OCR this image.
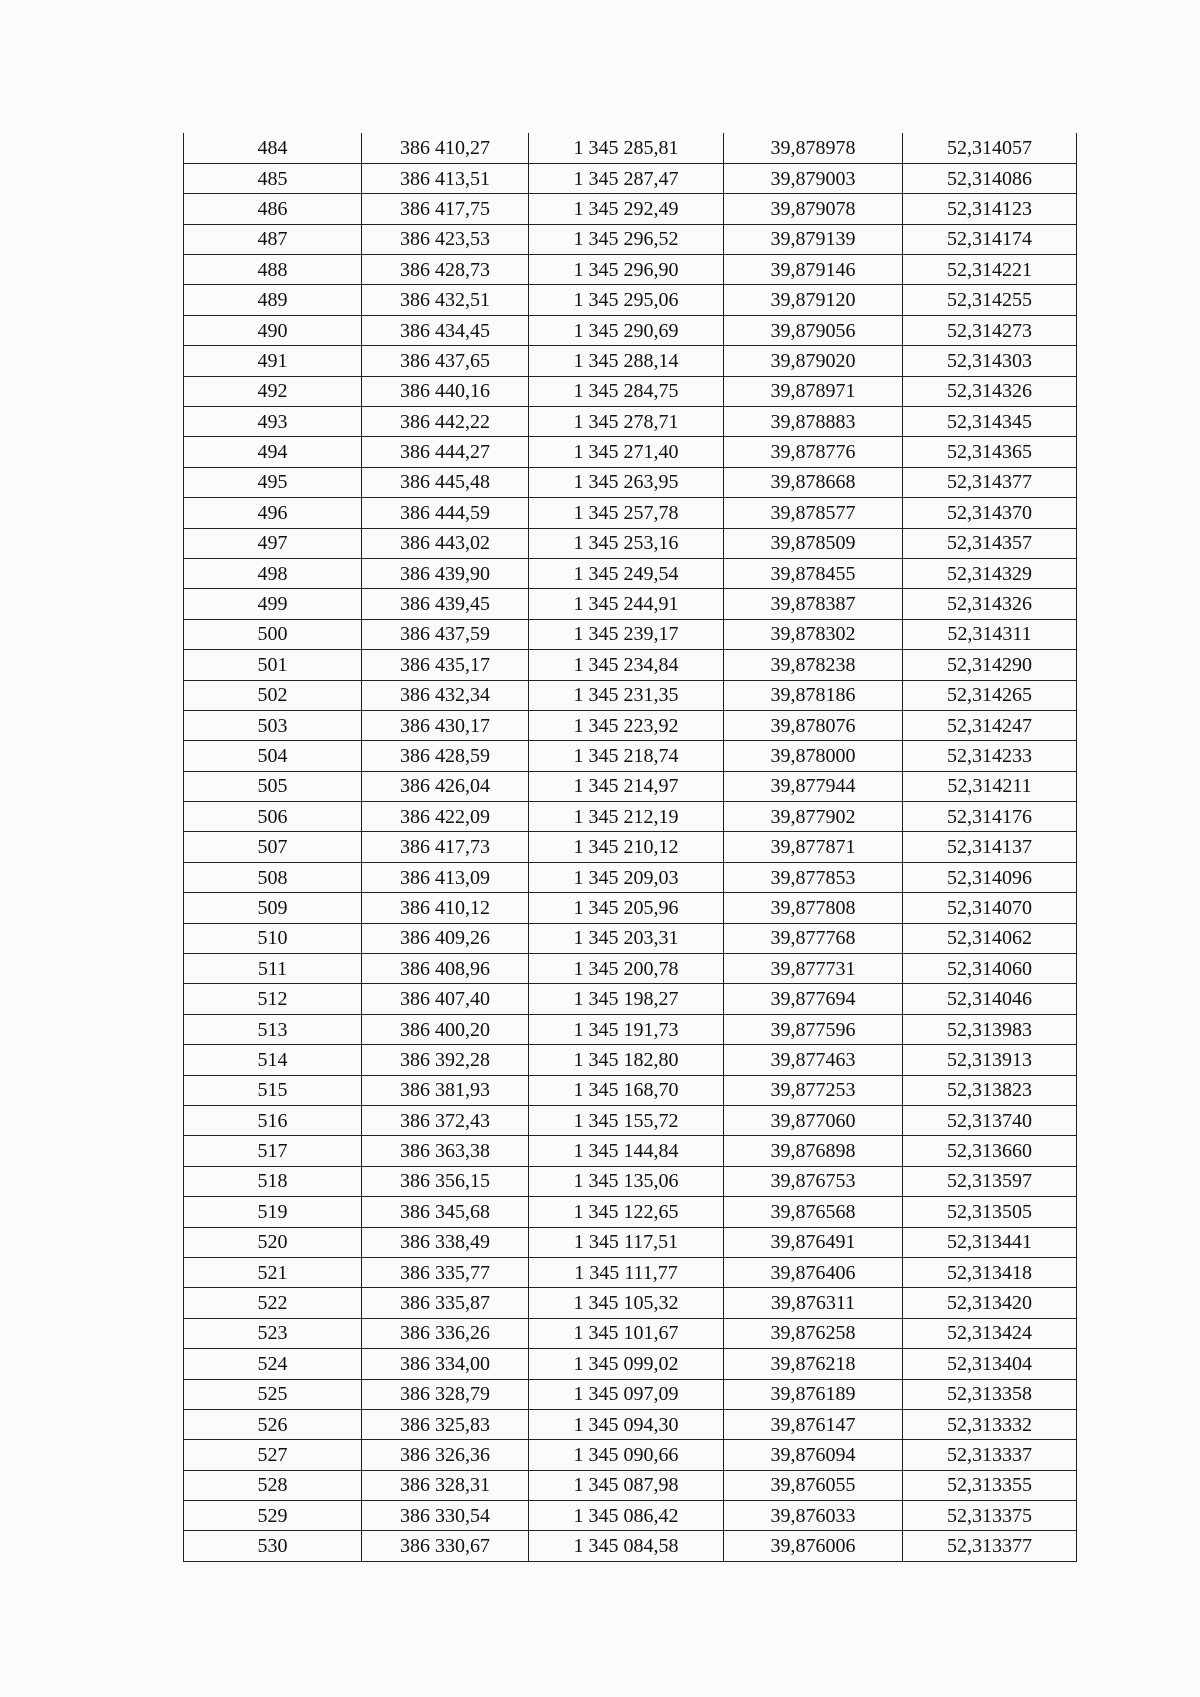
484	386 410,27	1 345 285,81	39,878978	52,314057
485	386 413,51	1 345 287,47	39,879003	52,314086
486	386 417,75	1 345 292,49	39,879078	52,314123
487	386 423,53	1 345 296,52	39,879139	52,314174
488	386 428,73	1 345 296,90	39,879146	52,314221
489	386 432,51	1 345 295,06	39,879120	52,314255
490	386 434,45	1 345 290,69	39,879056	52,314273
491	386 437,65	1 345 288,14	39,879020	52,314303
492	386 440,16	1 345 284,75	39,878971	52,314326
493	386 442,22	1 345 278,71	39,878883	52,314345
494	386 444,27	1 345 271,40	39,878776	52,314365
495	386 445,48	1 345 263,95	39,878668	52,314377
496	386 444,59	1 345 257,78	39,878577	52,314370
497	386 443,02	1 345 253,16	39,878509	52,314357
498	386 439,90	1 345 249,54	39,878455	52,314329
499	386 439,45	1 345 244,91	39,878387	52,314326
500	386 437,59	1 345 239,17	39,878302	52,314311
501	386 435,17	1 345 234,84	39,878238	52,314290
502	386 432,34	1 345 231,35	39,878186	52,314265
503	386 430,17	1 345 223,92	39,878076	52,314247
504	386 428,59	1 345 218,74	39,878000	52,314233
505	386 426,04	1 345 214,97	39,877944	52,314211
506	386 422,09	1 345 212,19	39,877902	52,314176
507	386 417,73	1 345 210,12	39,877871	52,314137
508	386 413,09	1 345 209,03	39,877853	52,314096
509	386 410,12	1 345 205,96	39,877808	52,314070
510	386 409,26	1 345 203,31	39,877768	52,314062
511	386 408,96	1 345 200,78	39,877731	52,314060
512	386 407,40	1 345 198,27	39,877694	52,314046
513	386 400,20	1 345 191,73	39,877596	52,313983
514	386 392,28	1 345 182,80	39,877463	52,313913
515	386 381,93	1 345 168,70	39,877253	52,313823
516	386 372,43	1 345 155,72	39,877060	52,313740
517	386 363,38	1 345 144,84	39,876898	52,313660
518	386 356,15	1 345 135,06	39,876753	52,313597
519	386 345,68	1 345 122,65	39,876568	52,313505
520	386 338,49	1 345 117,51	39,876491	52,313441
521	386 335,77	1 345 111,77	39,876406	52,313418
522	386 335,87	1 345 105,32	39,876311	52,313420
523	386 336,26	1 345 101,67	39,876258	52,313424
524	386 334,00	1 345 099,02	39,876218	52,313404
525	386 328,79	1 345 097,09	39,876189	52,313358
526	386 325,83	1 345 094,30	39,876147	52,313332
527	386 326,36	1 345 090,66	39,876094	52,313337
528	386 328,31	1 345 087,98	39,876055	52,313355
529	386 330,54	1 345 086,42	39,876033	52,313375
530	386 330,67	1 345 084,58	39,876006	52,313377
